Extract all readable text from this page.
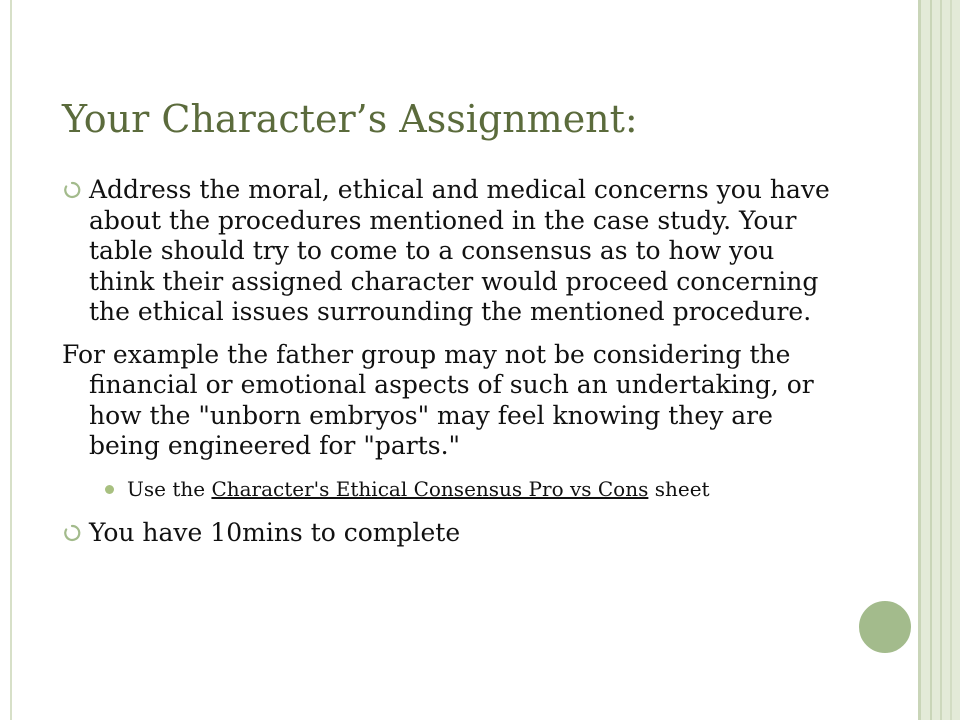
Your Character’s Assignment:
Address the moral, ethical and medical concerns you have about the procedures mentioned in the case study. Your table should try to come to a consensus as to how you think their assigned character would proceed concerning the ethical issues surrounding the mentioned procedure.
For example the father group may not be considering the financial or emotional aspects of such an undertaking, or how the "unborn embryos" may feel knowing they are being engineered for "parts."
Use the Character's Ethical Consensus Pro vs Cons sheet
You have 10mins to complete
